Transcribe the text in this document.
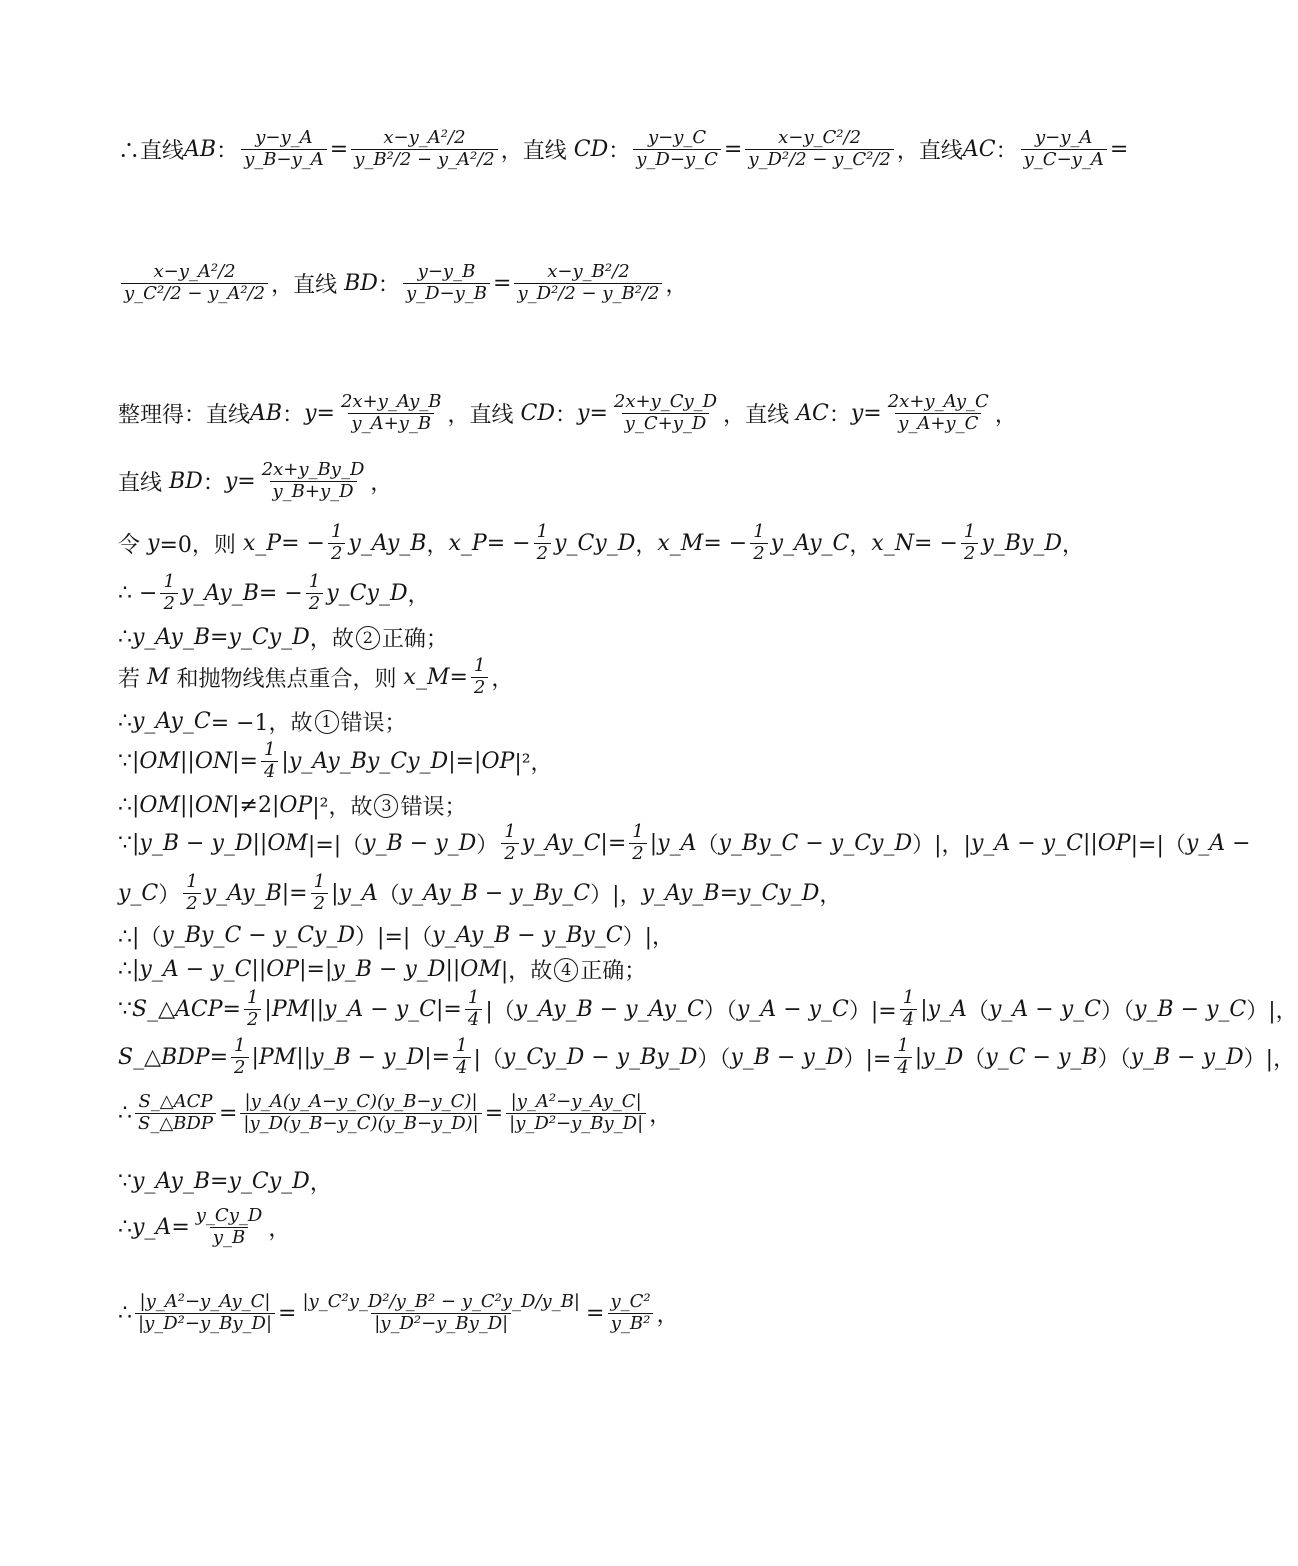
∴直线 AB ： $\frac{y-y\_A}{y\_B-y\_A} = \frac{\text{x−y\_A²/2}}{\text{y\_B²/2 − y\_A²/2}}$ ，直线 CD ： $\frac{y-y\_C}{y\_D-y\_C} = \frac{\text{x−y\_C²/2}}{\text{y\_D²/2 − y\_C²/2}}$ ，直线 AC ： $\frac{y-y\_A}{y\_C-y\_A}$ =
$\frac{\text{x−y\_A²/2}}{\text{y\_C²/2 − y\_A²/2}}$ ，直线 BD ： $\frac{y-y\_B}{y\_D-y\_B} = \frac{\text{x−y\_B²/2}}{\text{y\_D²/2 − y\_B²/2}}$ ，
整理得：直线 AB ： $y = \frac{2x+y\_Ay\_B}{y\_A+y\_B}$ ，直线 CD ： $y = \frac{2x+y\_Cy\_D}{y\_C+y\_D}$ ，直线 AC ： $y = \frac{2x+y\_Ay\_C}{y\_A+y\_C}$ ，
直线 BD ： $y = \frac{2x+y\_By\_D}{y\_B+y\_D}$ ，
令 y =0，则 x_P = − $\frac{1}{2}$ y_Ay_B ， x_P = − $\frac{1}{2}$ y_Cy_D ， x_M = − $\frac{1}{2}$ y_Ay_C ， x_N = − $\frac{1}{2}$ y_By_D ，
∴ − $\frac{1}{2}$ y_Ay_B = − $\frac{1}{2}$ y_Cy_D ，
∴ y_Ay_B = y_Cy_D ，故 2 正确；
若 M 和抛物线焦点重合，则 x_M = $\frac{1}{2}$ ，
∴ y_Ay_C = −1，故 1 错误；
∵| OM || ON |= $\frac{1}{4}$ | y_Ay_By_Cy_D |=| OP |²，
∴| OM || ON |≠2| OP |²，故 3 错误；
∵| y_B − y_D || OM |=|（ y_B − y_D ） $\frac{1}{2}$ y_Ay_C |= $\frac{1}{2}$ | y_A （ y_By_C − y_Cy_D ）|，| y_A − y_C || OP |=|（ y_A −
y_C ） $\frac{1}{2}$ y_Ay_B |= $\frac{1}{2}$ | y_A （ y_Ay_B − y_By_C ）|， y_Ay_B = y_Cy_D ，
∴|（ y_By_C − y_Cy_D ）|=|（ y_Ay_B − y_By_C ）|，
∴| y_A − y_C || OP |=| y_B − y_D || OM |，故 4 正确；
∵ S_△ACP = $\frac{1}{2}$ | PM || y_A − y_C |= $\frac{1}{4}$ |（ y_Ay_B − y_Ay_C ）（ y_A − y_C ）|= $\frac{1}{4}$ | y_A （ y_A − y_C ）（ y_B − y_C ）|，
S_△BDP = $\frac{1}{2}$ | PM || y_B − y_D |= $\frac{1}{4}$ |（ y_Cy_D − y_By_D ）（ y_B − y_D ）|= $\frac{1}{4}$ | y_D （ y_C − y_B ）（ y_B − y_D ）|，
∴ $\frac{\text{S\_△ACP}}{\text{S\_△BDP}} = \frac{|y\_A(y\_A-y\_C)(y\_B-y\_C)|}{|y\_D(y\_B-y\_C)(y\_B-y\_D)|} = \frac{\text{|y\_A²−y\_Ay\_C|}}{\text{|y\_D²−y\_By\_D|}}$ ，
∵ y_Ay_B = y_Cy_D ，
∴ y_A = $\frac{y\_Cy\_D}{y\_B}$ ，
∴ $\frac{\text{|y\_A²−y\_Ay\_C|}}{\text{|y\_D²−y\_By\_D|}} = \frac{\text{|y\_C²y\_D²/y\_B² − y\_C²y\_D/y\_B|}}{\text{|y\_D²−y\_By\_D|}} = \frac{\text{y\_C²}}{\text{y\_B²}}$ ，
